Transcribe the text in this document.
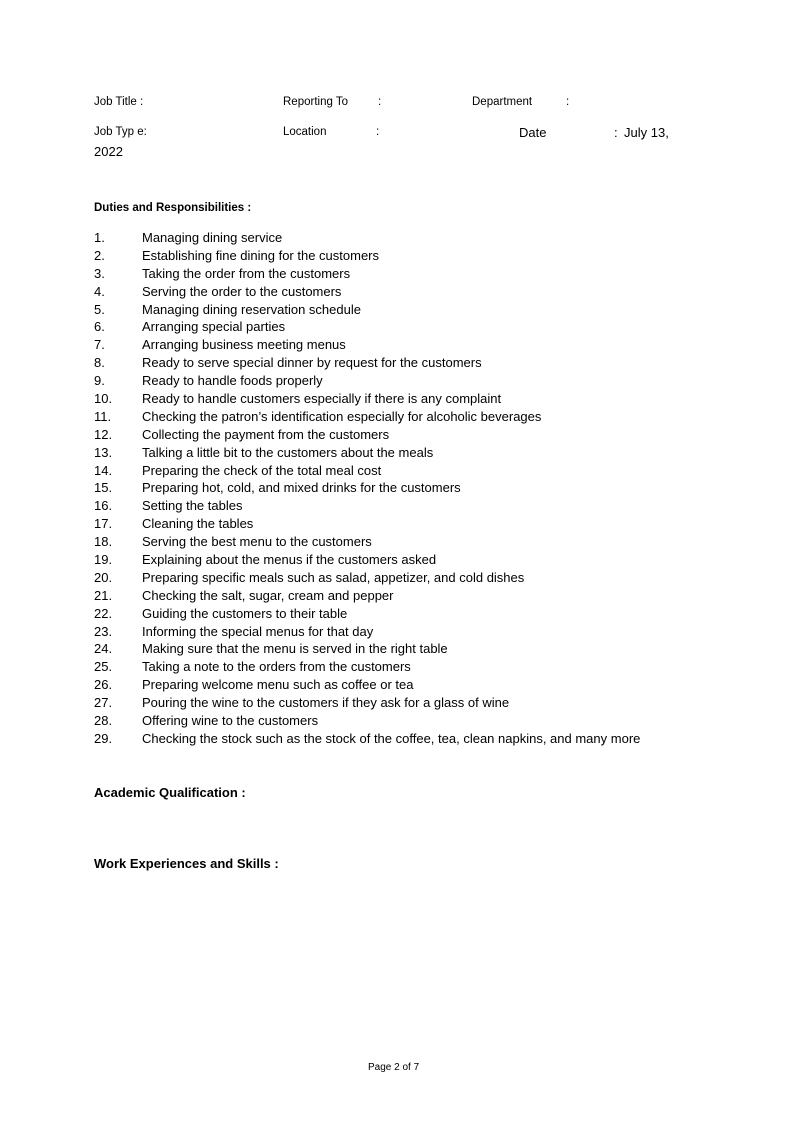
Job Title :	Reporting To	:	Department	:
Job Typ e:	Location	:	Date	: July 13,
2022
Duties and Responsibilities :
1.	Managing dining service
2.	Establishing fine dining for the customers
3.	Taking the order from the customers
4.	Serving the order to the customers
5.	Managing dining reservation schedule
6.	Arranging special parties
7.	Arranging business meeting menus
8.	Ready to serve special dinner by request for the customers
9.	Ready to handle foods properly
10. Ready to handle customers especially if there is any complaint
11. Checking the patron’s identification especially for alcoholic beverages
12. Collecting the payment from the customers
13. Talking a little bit to the customers about the meals
14. Preparing the check of the total meal cost
15. Preparing hot, cold, and mixed drinks for the customers
16. Setting the tables
17. Cleaning the tables
18. Serving the best menu to the customers
19. Explaining about the menus if the customers asked
20. Preparing specific meals such as salad, appetizer, and cold dishes
21. Checking the salt, sugar, cream and pepper
22. Guiding the customers to their table
23. Informing the special menus for that day
24. Making sure that the menu is served in the right table
25. Taking a note to the orders from the customers
26. Preparing welcome menu such as coffee or tea
27. Pouring the wine to the customers if they ask for a glass of wine
28. Offering wine to the customers
29. Checking the stock such as the stock of the coffee, tea, clean napkins, and many more
Academic Qualification :
Work Experiences and Skills :
Page 2 of 7
